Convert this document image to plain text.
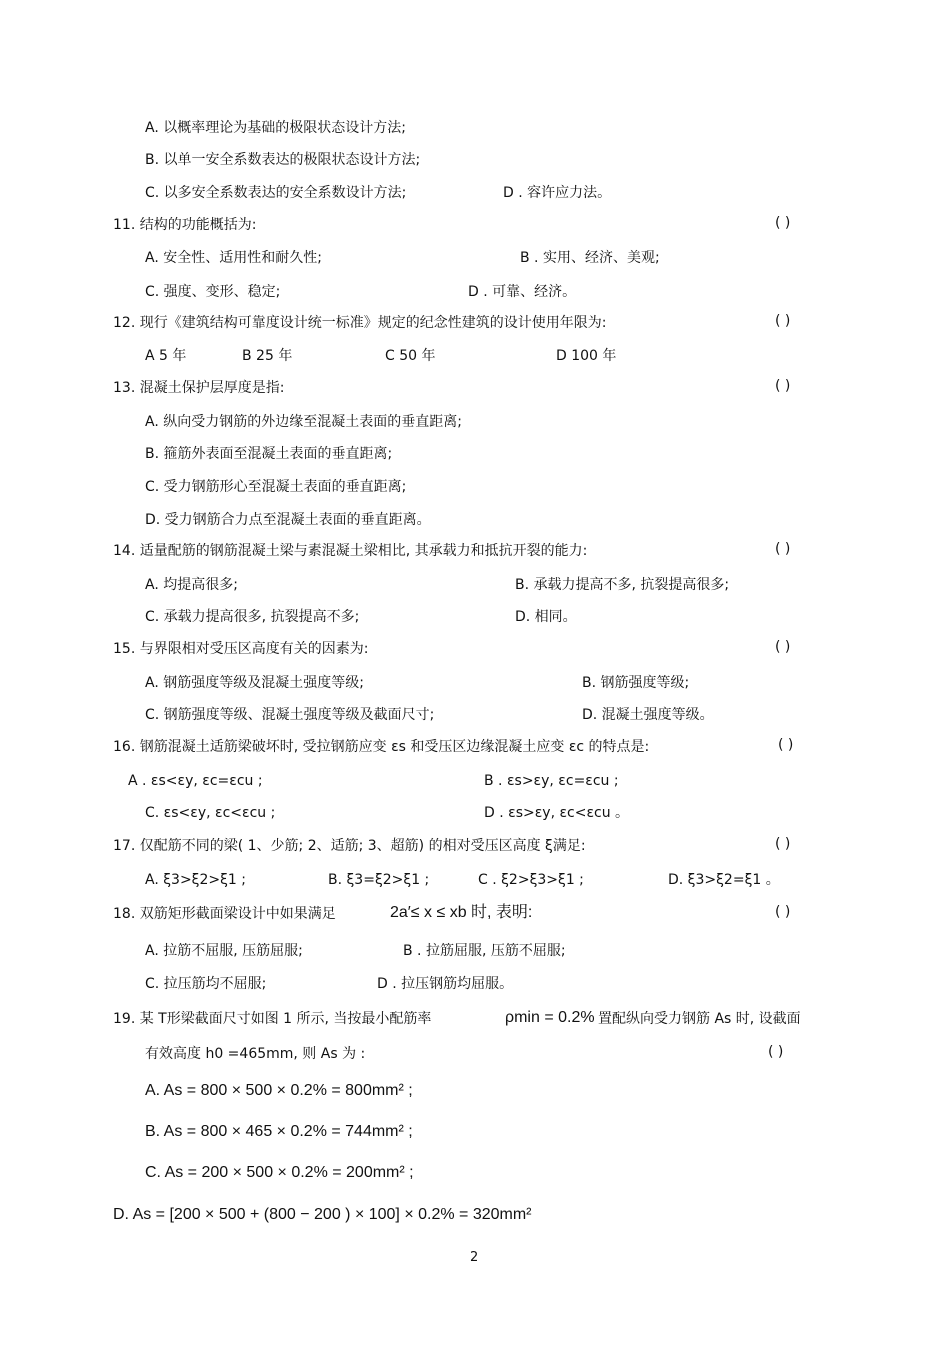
A. 以概率理论为基础的极限状态设计方法;
B. 以单一安全系数表达的极限状态设计方法;
C. 以多安全系数表达的安全系数设计方法;	D . 容许应力法。
11. 结构的功能概括为:	( )
A. 安全性、适用性和耐久性;	B . 实用、经济、美观;
C. 强度、变形、稳定;	D . 可靠、经济。
12. 现行《建筑结构可靠度设计统一标准》规定的纪念性建筑的设计使用年限为:	( )
A 5 年	B 25 年	C 50 年	D 100 年
13. 混凝土保护层厚度是指:	( )
A. 纵向受力钢筋的外边缘至混凝土表面的垂直距离;
B. 箍筋外表面至混凝土表面的垂直距离;
C. 受力钢筋形心至混凝土表面的垂直距离;
D. 受力钢筋合力点至混凝土表面的垂直距离。
14. 适量配筋的钢筋混凝土梁与素混凝土梁相比, 其承载力和抵抗开裂的能力:	( )
A. 均提高很多;	B. 承载力提高不多, 抗裂提高很多;
C. 承载力提高很多, 抗裂提高不多;	D. 相同。
15. 与界限相对受压区高度有关的因素为:	( )
A. 钢筋强度等级及混凝土强度等级;	B. 钢筋强度等级;
C. 钢筋强度等级、混凝土强度等级及截面尺寸;	D. 混凝土强度等级。
16. 钢筋混凝土适筋梁破坏时, 受拉钢筋应变 εs 和受压区边缘混凝土应变 εc 的特点是:	( )
A . εs<εy, εc=εcu ;	B . εs>εy, εc=εcu ;
C. εs<εy, εc<εcu ;	D . εs>εy, εc<εcu 。
17. 仅配筋不同的梁( 1、少筋; 2、适筋; 3、超筋) 的相对受压区高度 ξ满足:	( )
A. ξ3>ξ2>ξ1 ;	B. ξ3=ξ2>ξ1 ;	C . ξ2>ξ3>ξ1 ;	D. ξ3>ξ2=ξ1 。
18. 双筋矩形截面梁设计中如果满足	2a′≤ x ≤ xb 时, 表明:	( )
A. 拉筋不屈服, 压筋屈服;	B . 拉筋屈服, 压筋不屈服;
C. 拉压筋均不屈服;	D . 拉压钢筋均屈服。
19. 某 T形梁截面尺寸如图 1 所示, 当按最小配筋率	ρmin = 0.2% 置配纵向受力钢筋 As 时, 设截面
有效高度 h0 =465mm, 则 As 为 :	( )
A. As = 800 × 500 × 0.2% = 800mm² ;
B. As = 800 × 465 × 0.2% = 744mm² ;
C. As = 200 × 500 × 0.2% = 200mm² ;
D. As = [200 × 500 + (800 − 200 ) × 100] × 0.2% = 320mm²
2
